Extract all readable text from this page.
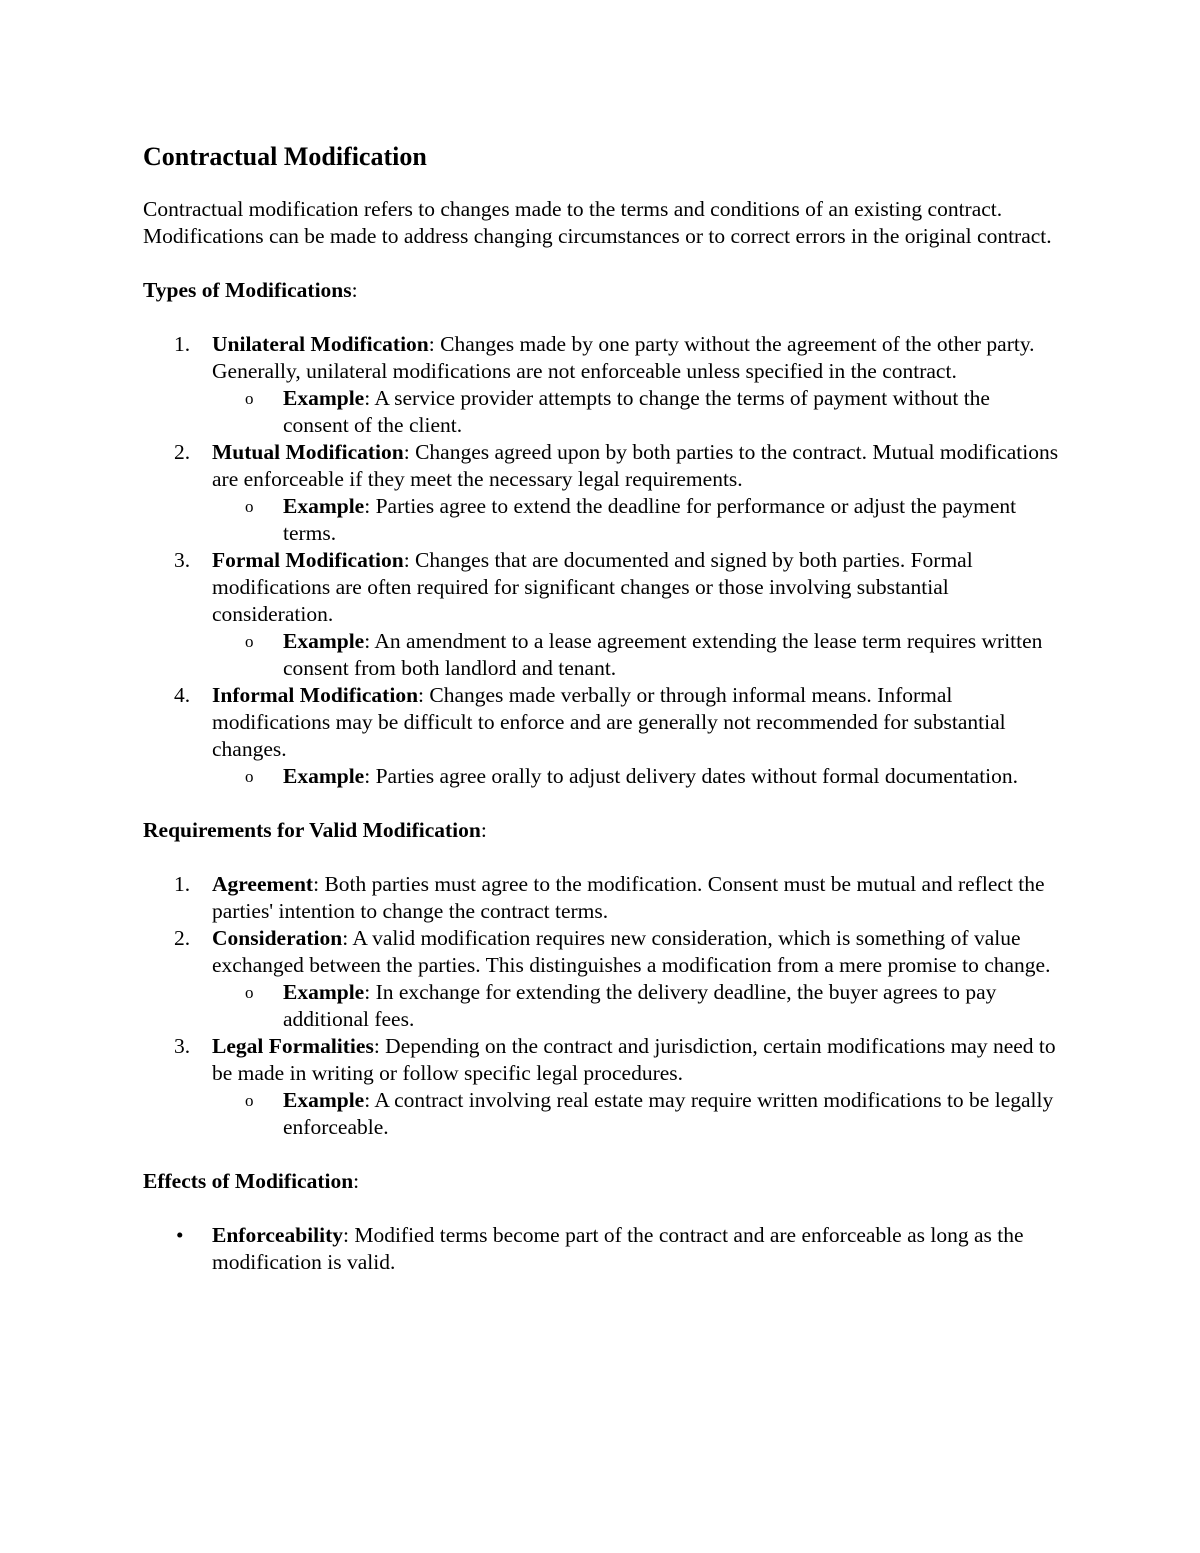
Contractual Modification

Contractual modification refers to changes made to the terms and conditions of an existing contract. Modifications can be made to address changing circumstances or to correct errors in the original contract.

Types of Modifications:
1.	Unilateral Modification: Changes made by one party without the agreement of the other party. Generally, unilateral modifications are not enforceable unless specified in the contract.
o Example: A service provider attempts to change the terms of payment without the consent of the client.
2.	Mutual Modification: Changes agreed upon by both parties to the contract. Mutual modifications are enforceable if they meet the necessary legal requirements.
o Example: Parties agree to extend the deadline for performance or adjust the payment terms.
3.	Formal Modification: Changes that are documented and signed by both parties. Formal modifications are often required for significant changes or those involving substantial consideration.
o Example: An amendment to a lease agreement extending the lease term requires written consent from both landlord and tenant.
4.	Informal Modification: Changes made verbally or through informal means. Informal modifications may be difficult to enforce and are generally not recommended for substantial changes.
o Example: Parties agree orally to adjust delivery dates without formal documentation.
Requirements for Valid Modification:
1.	Agreement: Both parties must agree to the modification. Consent must be mutual and reflect the parties' intention to change the contract terms.
2.	Consideration: A valid modification requires new consideration, which is something of value exchanged between the parties. This distinguishes a modification from a mere promise to change.
o Example: In exchange for extending the delivery deadline, the buyer agrees to pay additional fees.
3.	Legal Formalities: Depending on the contract and jurisdiction, certain modifications may need to be made in writing or follow specific legal procedures.
o Example: A contract involving real estate may require written modifications to be legally enforceable.
Effects of Modification:
• Enforceability: Modified terms become part of the contract and are enforceable as long as the modification is valid.
